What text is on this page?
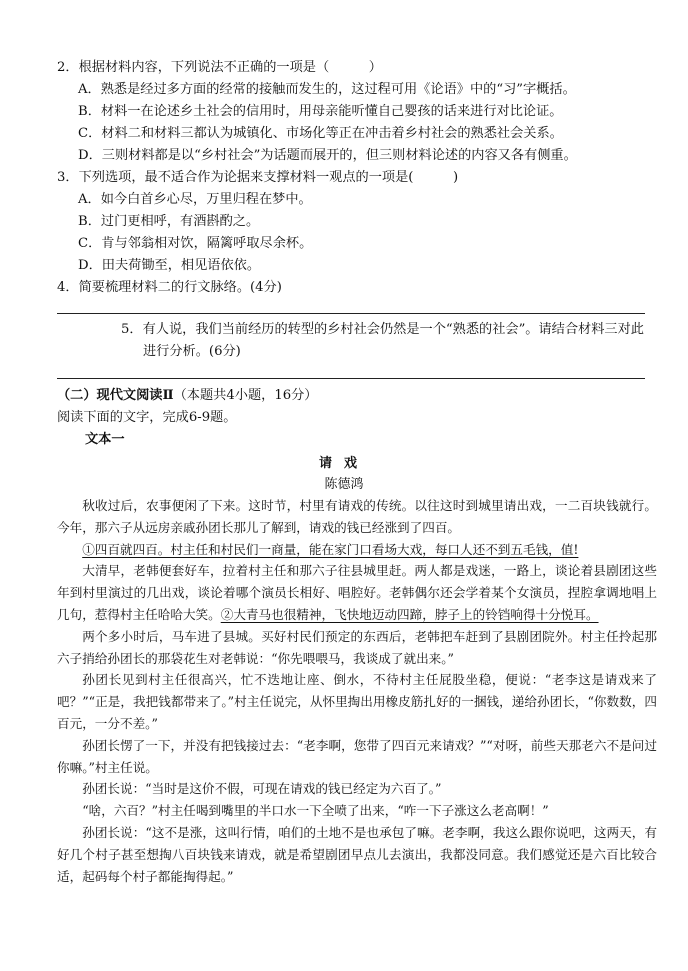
2．根据材料内容，下列说法不正确的一项是（　　　）
A．熟悉是经过多方面的经常的接触而发生的，这过程可用《论语》中的“习”字概括。
B．材料一在论述乡土社会的信用时，用母亲能听懂自己婴孩的话来进行对比论证。
C．材料二和材料三都认为城镇化、市场化等正在冲击着乡村社会的熟悉社会关系。
D．三则材料都是以“乡村社会”为话题而展开的，但三则材料论述的内容又各有侧重。
3．下列选项，最不适合作为论据来支撑材料一观点的一项是(　　　)
A．如今白首乡心尽，万里归程在梦中。
B．过门更相呼，有酒斟酌之。
C．肯与邻翁相对饮，隔篱呼取尽余杯。
D．田夫荷锄至，相见语依依。
4．简要梳理材料二的行文脉络。(4分)
5．有人说，我们当前经历的转型的乡村社会仍然是一个“熟悉的社会”。请结合材料三对此
进行分析。(6分)
（二）现代文阅读Ⅱ（本题共4小题，16分）
阅读下面的文字，完成6-9题。
文本一
请戏
陈德鸿

秋收过后，农事便闲了下来。这时节，村里有请戏的传统。以往这时到城里请出戏，一二百块钱就行。今年，那六子从远房亲戚孙团长那儿了解到，请戏的钱已经涨到了四百。

①四百就四百。村主任和村民们一商量，能在家门口看场大戏，每口人还不到五毛钱，值!

大清早，老韩便套好车，拉着村主任和那六子往县城里赶。两人都是戏迷，一路上，谈论着县剧团这些年到村里演过的几出戏，谈论着哪个演员长相好、唱腔好。老韩偶尔还会学着某个女演员，捏腔拿调地唱上几句，惹得村主任哈哈大笑。②大青马也很精神，飞快地迈动四蹄，脖子上的铃铛响得十分悦耳。

两个多小时后，马车进了县城。买好村民们预定的东西后，老韩把车赶到了县剧团院外。村主任拎起那六子捎给孙团长的那袋花生对老韩说：“你先喂喂马，我谈成了就出来。”

孙团长见到村主任很高兴，忙不迭地让座、倒水，不待村主任屁股坐稳，便说：“老李这是请戏来了吧？”“正是，我把钱都带来了。”村主任说完，从怀里掏出用橡皮筋扎好的一捆钱，递给孙团长，“你数数，四百元，一分不差。”

孙团长愣了一下，并没有把钱接过去：“老李啊，您带了四百元来请戏？”“对呀，前些天那老六不是问过你嘛。”村主任说。

孙团长说：“当时是这价不假，可现在请戏的钱已经定为六百了。”

“啥，六百？”村主任喝到嘴里的半口水一下全喷了出来，“咋一下子涨这么老高啊！”

孙团长说：“这不是涨，这叫行情，咱们的土地不是也承包了嘛。老李啊，我这么跟你说吧，这两天，有好几个村子甚至想掏八百块钱来请戏，就是希望剧团早点儿去演出，我都没同意。我们感觉还是六百比较合适，起码每个村子都能掏得起。”
